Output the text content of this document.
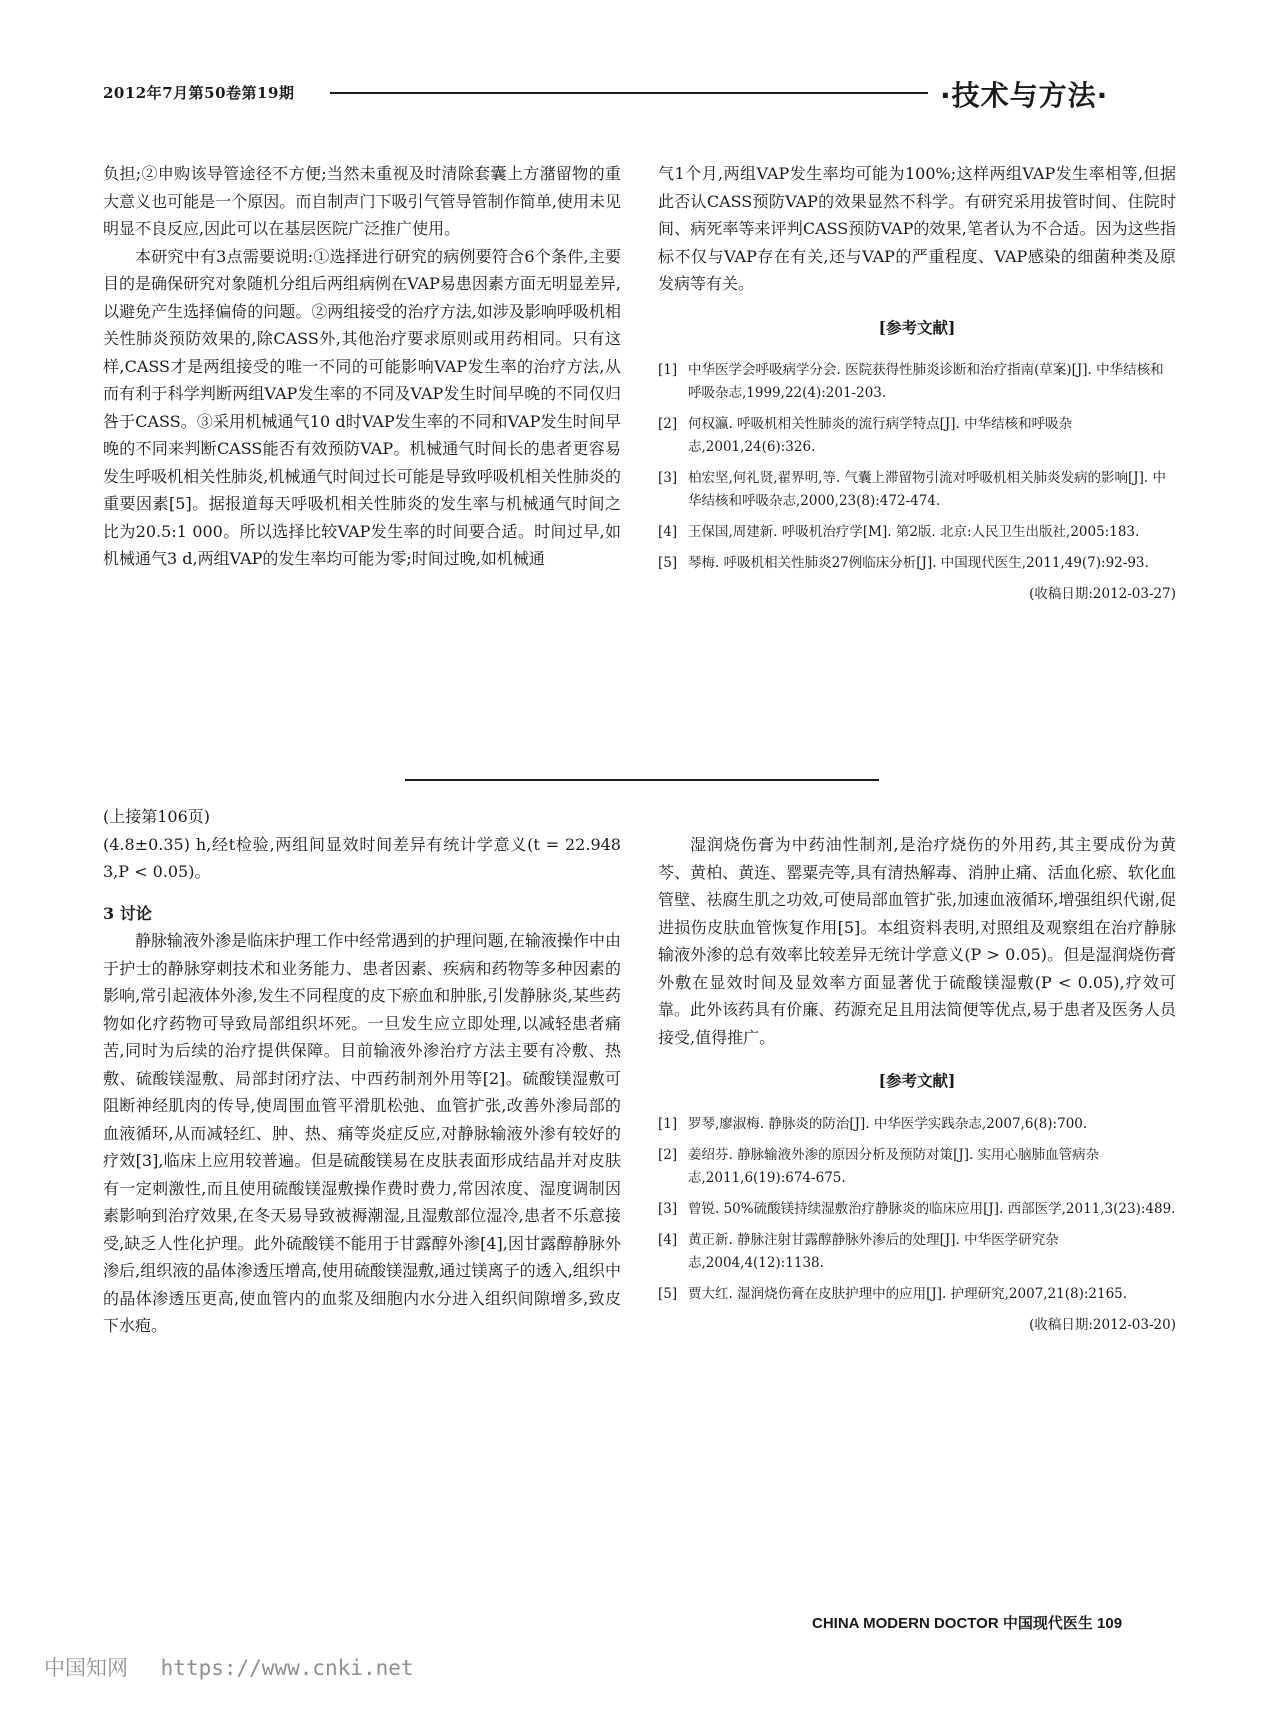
2012年7月第50卷第19期	·技术与方法·

负担;②申购该导管途径不方便;当然未重视及时清除套囊上方潴留物的重大意义也可能是一个原因。而自制声门下吸引气管导管制作简单,使用未见明显不良反应,因此可以在基层医院广泛推广使用。

本研究中有3点需要说明:①选择进行研究的病例要符合6个条件,主要目的是确保研究对象随机分组后两组病例在VAP易患因素方面无明显差异,以避免产生选择偏倚的问题。②两组接受的治疗方法,如涉及影响呼吸机相关性肺炎预防效果的,除CASS外,其他治疗要求原则或用药相同。只有这样,CASS才是两组接受的唯一不同的可能影响VAP发生率的治疗方法,从而有利于科学判断两组VAP发生率的不同及VAP发生时间早晚的不同仅归咎于CASS。③采用机械通气10 d时VAP发生率的不同和VAP发生时间早晚的不同来判断CASS能否有效预防VAP。机械通气时间长的患者更容易发生呼吸机相关性肺炎,机械通气时间过长可能是导致呼吸机相关性肺炎的重要因素[5]。据报道每天呼吸机相关性肺炎的发生率与机械通气时间之比为20.5:1 000。所以选择比较VAP发生率的时间要合适。时间过早,如机械通气3 d,两组VAP的发生率均可能为零;时间过晚,如机械通

气1个月,两组VAP发生率均可能为100%;这样两组VAP发生率相等,但据此否认CASS预防VAP的效果显然不科学。有研究采用拔管时间、住院时间、病死率等来评判CASS预防VAP的效果,笔者认为不合适。因为这些指标不仅与VAP存在有关,还与VAP的严重程度、VAP感染的细菌种类及原发病等有关。

[参考文献]

[1] 中华医学会呼吸病学分会. 医院获得性肺炎诊断和治疗指南(草案)[J]. 中华结核和呼吸杂志,1999,22(4):201-203.
[2] 何权瀛. 呼吸机相关性肺炎的流行病学特点[J]. 中华结核和呼吸杂志,2001,24(6):326.
[3] 柏宏坚,何礼贤,翟界明,等. 气囊上滞留物引流对呼吸机相关肺炎发病的影响[J]. 中华结核和呼吸杂志,2000,23(8):472-474.
[4] 王保国,周建新. 呼吸机治疗学[M]. 第2版. 北京:人民卫生出版社,2005:183.
[5] 琴梅. 呼吸机相关性肺炎27例临床分析[J]. 中国现代医生,2011,49(7):92-93.

(收稿日期:2012-03-27)

(上接第106页)

(4.8±0.35) h,经t检验,两组间显效时间差异有统计学意义(t = 22.948 3,P < 0.05)。

3 讨论

静脉输液外渗是临床护理工作中经常遇到的护理问题,在输液操作中由于护士的静脉穿刺技术和业务能力、患者因素、疾病和药物等多种因素的影响,常引起液体外渗,发生不同程度的皮下瘀血和肿胀,引发静脉炎,某些药物如化疗药物可导致局部组织坏死。一旦发生应立即处理,以减轻患者痛苦,同时为后续的治疗提供保障。目前输液外渗治疗方法主要有冷敷、热敷、硫酸镁湿敷、局部封闭疗法、中西药制剂外用等[2]。硫酸镁湿敷可阻断神经肌肉的传导,使周围血管平滑肌松弛、血管扩张,改善外渗局部的血液循环,从而减轻红、肿、热、痛等炎症反应,对静脉输液外渗有较好的疗效[3],临床上应用较普遍。但是硫酸镁易在皮肤表面形成结晶并对皮肤有一定刺激性,而且使用硫酸镁湿敷操作费时费力,常因浓度、湿度调制因素影响到治疗效果,在冬天易导致被褥潮湿,且湿敷部位湿冷,患者不乐意接受,缺乏人性化护理。此外硫酸镁不能用于甘露醇外渗[4],因甘露醇静脉外渗后,组织液的晶体渗透压增高,使用硫酸镁湿敷,通过镁离子的透入,组织中的晶体渗透压更高,使血管内的血浆及细胞内水分进入组织间隙增多,致皮下水疱。

湿润烧伤膏为中药油性制剂,是治疗烧伤的外用药,其主要成份为黄芩、黄柏、黄连、罂粟壳等,具有清热解毒、消肿止痛、活血化瘀、软化血管壁、祛腐生肌之功效,可使局部血管扩张,加速血液循环,增强组织代谢,促进损伤皮肤血管恢复作用[5]。本组资料表明,对照组及观察组在治疗静脉输液外渗的总有效率比较差异无统计学意义(P > 0.05)。但是湿润烧伤膏外敷在显效时间及显效率方面显著优于硫酸镁湿敷(P < 0.05),疗效可靠。此外该药具有价廉、药源充足且用法简便等优点,易于患者及医务人员接受,值得推广。

[参考文献]

[1] 罗琴,廖淑梅. 静脉炎的防治[J]. 中华医学实践杂志,2007,6(8):700.
[2] 姜绍芬. 静脉输液外渗的原因分析及预防对策[J]. 实用心脑肺血管病杂志,2011,6(19):674-675.
[3] 曾锐. 50%硫酸镁持续湿敷治疗静脉炎的临床应用[J]. 西部医学,2011,3(23):489.
[4] 黄正新. 静脉注射甘露醇静脉外渗后的处理[J]. 中华医学研究杂志,2004,4(12):1138.
[5] 贾大红. 湿润烧伤膏在皮肤护理中的应用[J]. 护理研究,2007,21(8):2165.

(收稿日期:2012-03-20)

CHINA MODERN DOCTOR 中国现代医生 109
中国知网 https://www.cnki.net
